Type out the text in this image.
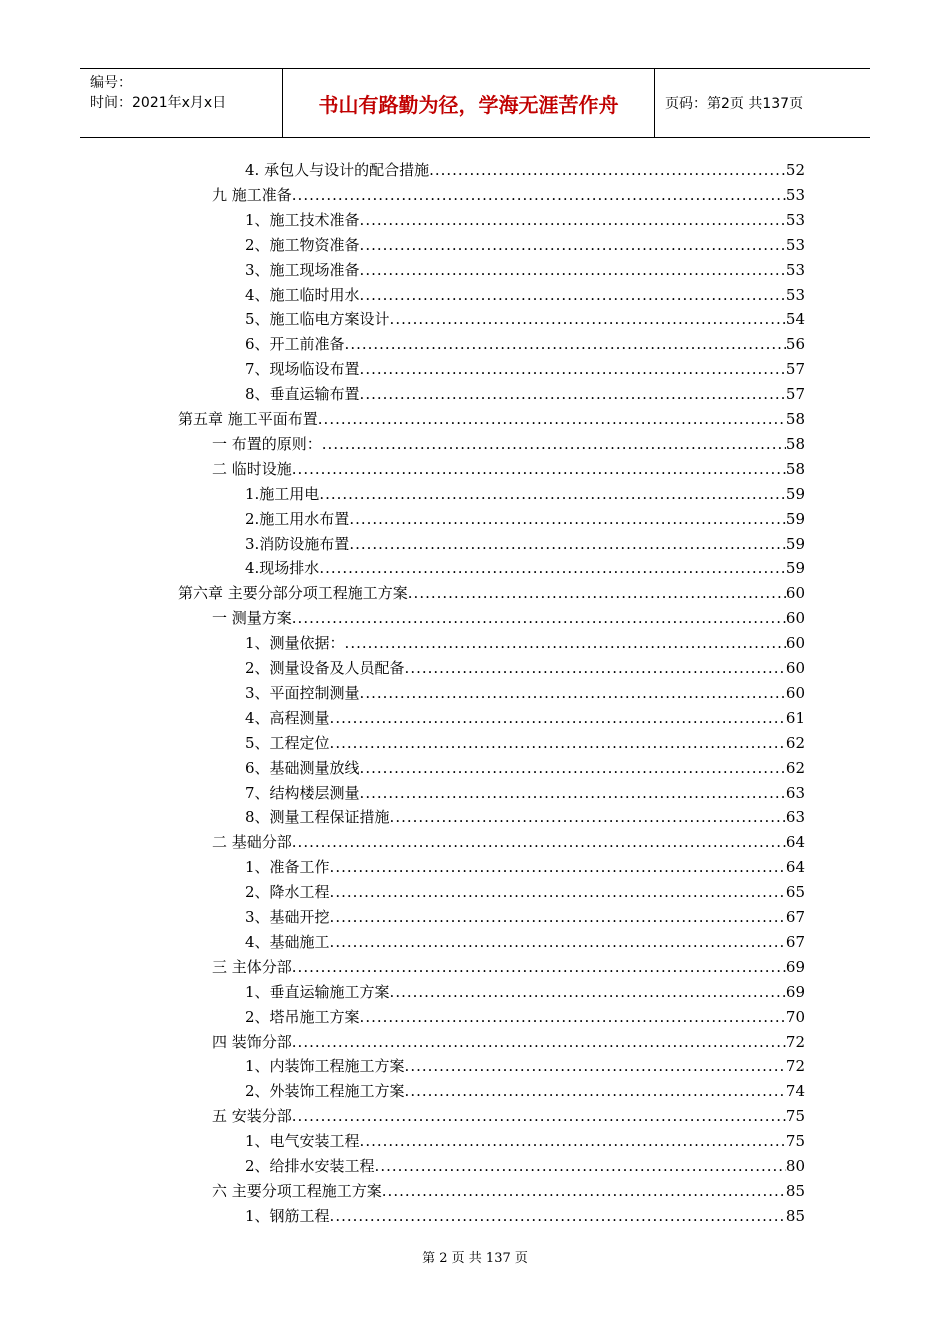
编号：
时间：2021年x月x日	书山有路勤为径，学海无涯苦作舟	页码：第2页 共137页
4. 承包人与设计的配合措施 .....	52
九 施工准备 .....	53
1、施工技术准备 .....	53
2、施工物资准备 .....	53
3、施工现场准备 .....	53
4、施工临时用水 .....	53
5、施工临电方案设计 .....	54
6、开工前准备 .....	56
7、现场临设布置 .....	57
8、垂直运输布置 .....	57
第五章 施工平面布置 .....	58
一 布置的原则： .....	58
二 临时设施 .....	58
1.施工用电 .....	59
2.施工用水布置 .....	59
3.消防设施布置 .....	59
4.现场排水 .....	59
第六章 主要分部分项工程施工方案 .....	60
一 测量方案 .....	60
1、测量依据： .....	60
2、测量设备及人员配备 .....	60
3、平面控制测量 .....	60
4、高程测量 .....	61
5、工程定位 .....	62
6、基础测量放线 .....	62
7、结构楼层测量 .....	63
8、测量工程保证措施 .....	63
二 基础分部 .....	64
1、准备工作 .....	64
2、降水工程 .....	65
3、基础开挖 .....	67
4、基础施工 .....	67
三 主体分部 .....	69
1、垂直运输施工方案 .....	69
2、塔吊施工方案 .....	70
四 装饰分部 .....	72
1、内装饰工程施工方案 .....	72
2、外装饰工程施工方案 .....	74
五 安装分部 .....	75
1、电气安装工程 .....	75
2、给排水安装工程 .....	80
六 主要分项工程施工方案 .....	85
1、钢筋工程 .....	85
第 2 页 共 137 页
